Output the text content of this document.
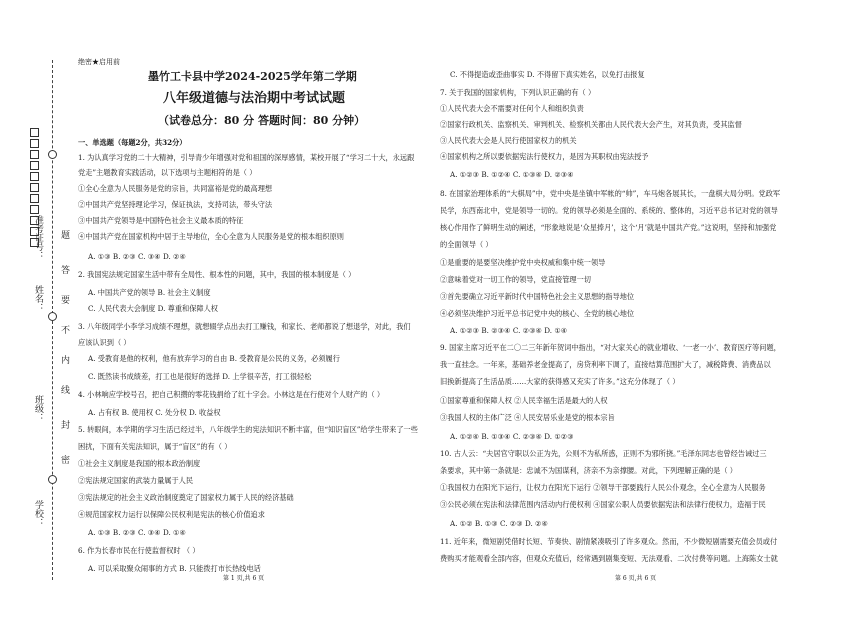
准考证号：
姓名：
班级：
学校：
题
答
要
不
内
线
封
密
绝密★启用前
墨竹工卡县中学2024-2025学年第二学期
八年级道德与法治期中考试试题
（试卷总分：80 分 答题时间：80 分钟）
一、单选题（每题2分，共32分）
1. 为认真学习党的二十大精神，引导青少年增强对党和祖国的深厚感情，某校开展了“学习二十大，永远跟
党走”主题教育实践活动，以下选项与主题相符的是（ ）
①全心全意为人民服务是党的宗旨，共同富裕是党的最高理想
②中国共产党坚持理论学习，保证执法，支持司法，带头守法
③中国共产党领导是中国特色社会主义最本质的特征
④中国共产党在国家机构中居于主导地位，全心全意为人民服务是党的根本组织原则
A. ①③ B. ②③ C. ③④ D. ②④
2. 我国宪法规定国家生活中带有全局性、根本性的问题，其中，我国的根本制度是（ ）
A. 中国共产党的领导 B. 社会主义制度
C. 人民代表大会制度 D. 尊重和保障人权
3. 八年级同学小李学习成绩不理想，就想辍学点出去打工赚钱，和家长、老师都说了想退学，对此，我们
应该认识到（ ）
A. 受教育是他的权利，他有放弃学习的自由 B. 受教育是公民的义务，必须履行
C. 既然读书成绩差，打工也是很好的选择 D. 上学很辛苦，打工很轻松
4. 小林响应学校号召，把自己积攒的零花钱捐给了红十字会。小林这是在行使对个人财产的（ ）
A. 占有权 B. 使用权 C. 处分权 D. 收益权
5. 转眼间，本学期的学习生活已经过半，八年级学生的宪法知识不断丰富，但“知识盲区”给学生带来了一些
困扰，下面有关宪法知识，属于“盲区”的有（ ）
①社会主义制度是我国的根本政治制度
②宪法规定国家的武装力量属于人民
③宪法规定的社会主义政治制度奠定了国家权力属于人民的经济基础
④规范国家权力运行以保障公民权利是宪法的核心价值追求
A. ①③ B. ②③ C. ③④ D. ①④
6. 作为长春市民在行使监督权时 （ ）
A. 可以采取聚众闹事的方式 B. 只能拨打市长热线电话
第 1 页,共 6 页
C. 不得提造或歪曲事实 D. 不得留下真实姓名，以免打击报复
7. 关于我国的国家机构，下列认识正确的有（ ）
①人民代表大会不需要对任何个人和组织负责
②国家行政机关、监察机关、审判机关、检察机关都由人民代表大会产生，对其负责，受其监督
③人民代表大会是人民行使国家权力的机关
④国家机构之所以要依据宪法行使权力，是因为其职权由宪法授予
A. ①②③ B. ①②④ C. ①③④ D. ②③④
8. 在国家治理体系的“大棋局”中，党中央是坐镇中军帐的“帅”，车马炮各展其长，一盘棋大局分明。党政军
民学，东西南北中，党是领导一切的。党的领导必须是全面的、系统的、整体的，习近平总书记对党的领导
核心作用作了鲜明生动的阐述，“形象地说是‘众星捧月’，这个‘月’就是中国共产党。”这说明，坚持和加强党
的全面领导（ ）
①是重要的是要坚决维护党中央权威和集中统一领导
②意味着党对一切工作的领导，党直接管理一切
③首先要确立习近平新时代中国特色社会主义思想的指导地位
④必须坚决维护习近平总书记党中央的核心、全党的核心地位
A. ①②③ B. ②③④ C. ②③④ D. ①④
9. 国家主席习近平在二〇二三年新年贺词中指出，“对大家关心的就业增收、‘一老一小’、教育医疗等问题，
我一直挂念。一年来，基础养老金提高了，房贷利率下调了，直接结算范围扩大了，减税降费、消费品以
旧换新提高了生活品质……大家的获得感又充实了许多。”这充分体现了（ ）
①国家尊重和保障人权 ②人民幸福生活是最大的人权
③我国人权的主体广泛 ④人民安居乐业是党的根本宗旨
A. ①②④ B. ①③④ C. ②③④ D. ①②③
10. 古人云：“夫居官守职以公正为先，公则不为私所惑，正则不为邪所挠。”毛泽东同志也曾经告诫过三
条要求，其中第一条就是：忠诚不为国谋利，济亲不为亲撑腰。对此，下列理解正确的是（ ）
①我国权力在阳光下运行，让权力在阳光下运行 ②领导干部要践行人民公仆观念，全心全意为人民服务
③公民必须在宪法和法律范围内活动内行使权利 ④国家公职人员要依据宪法和法律行使权力，造福于民
A. ①② B. ①③ C. ②③ D. ②④
11. 近年来，微短剧凭借时长短、节奏快、剧情紧凑吸引了许多观众。然而，不少微短剧需要充值会员或付
费购买才能观看全部内容，但观众充值后，经常遇到剧集变短、无法观看、二次付费等问题。上海陈女士就
第 6 页,共 6 页
